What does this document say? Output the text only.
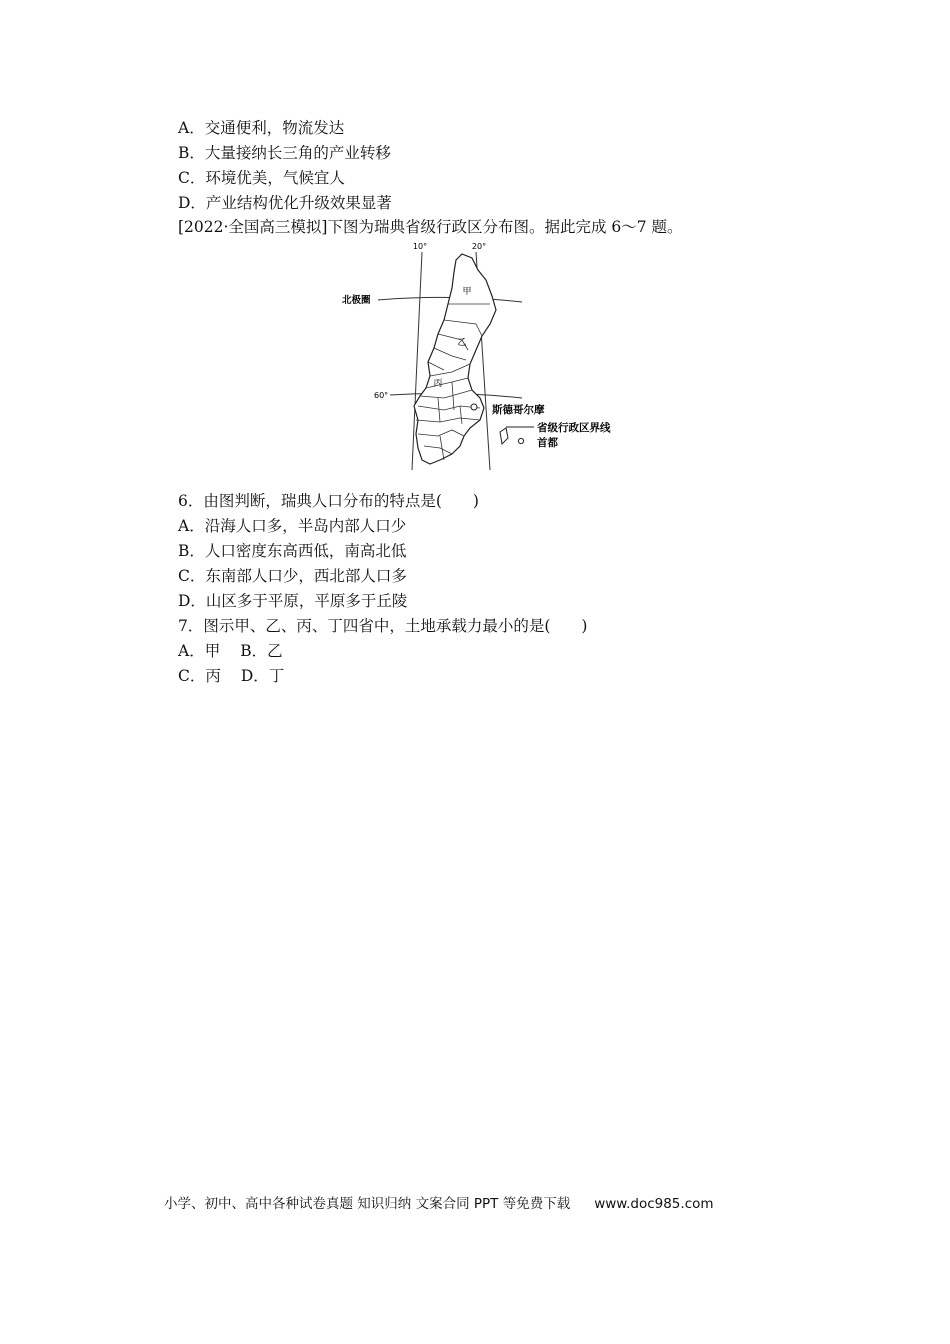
A．交通便利，物流发达
B．大量接纳长三角的产业转移
C．环境优美，气候宜人
D．产业结构优化升级效果显著
[2022·全国高三模拟]下图为瑞典省级行政区分布图。据此完成 6～7 题。
10°	20°
北极圈
60°
甲
乙
丙
斯德哥尔摩
省级行政区界线
首都
6．由图判断，瑞典人口分布的特点是(　　)
A．沿海人口多，半岛内部人口少
B．人口密度东高西低，南高北低
C．东南部人口少，西北部人口多
D．山区多于平原，平原多于丘陵
7．图示甲、乙、丙、丁四省中，土地承载力最小的是(　　)
A．甲 B．乙
C．丙 D．丁
小学、初中、高中各种试卷真题 知识归纳 文案合同 PPT 等免费下载 www.doc985.com
